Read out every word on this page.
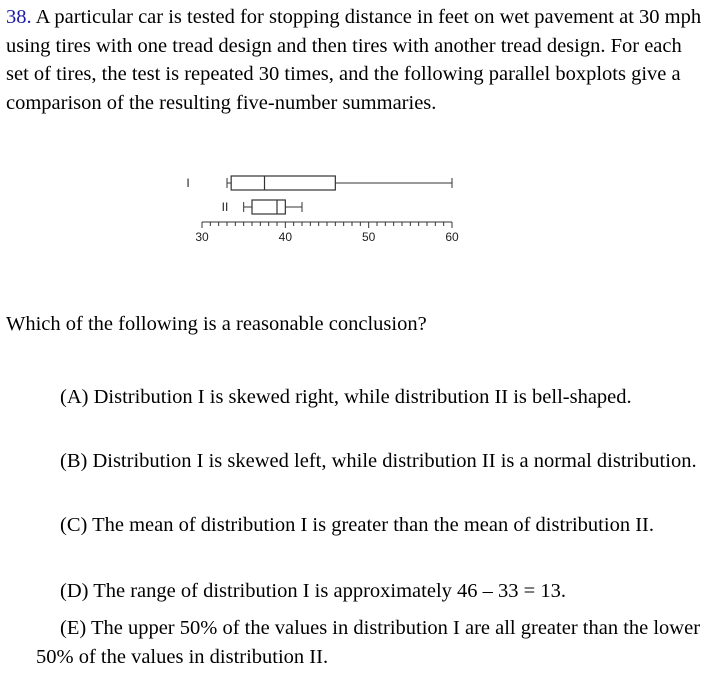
38. A particular car is tested for stopping distance in feet on wet pavement at 30 mph using tires with one tread design and then tires with another tread design. For each set of tires, the test is repeated 30 times, and the following parallel boxplots give a comparison of the resulting five-number summaries.
30	40	50	60
I
II
Which of the following is a reasonable conclusion?
(A) Distribution I is skewed right, while distribution II is bell-shaped.
(B) Distribution I is skewed left, while distribution II is a normal distribution.
(C) The mean of distribution I is greater than the mean of distribution II.
(D) The range of distribution I is approximately 46 – 33 = 13.
(E) The upper 50% of the values in distribution I are all greater than the lower 50% of the values in distribution II.
